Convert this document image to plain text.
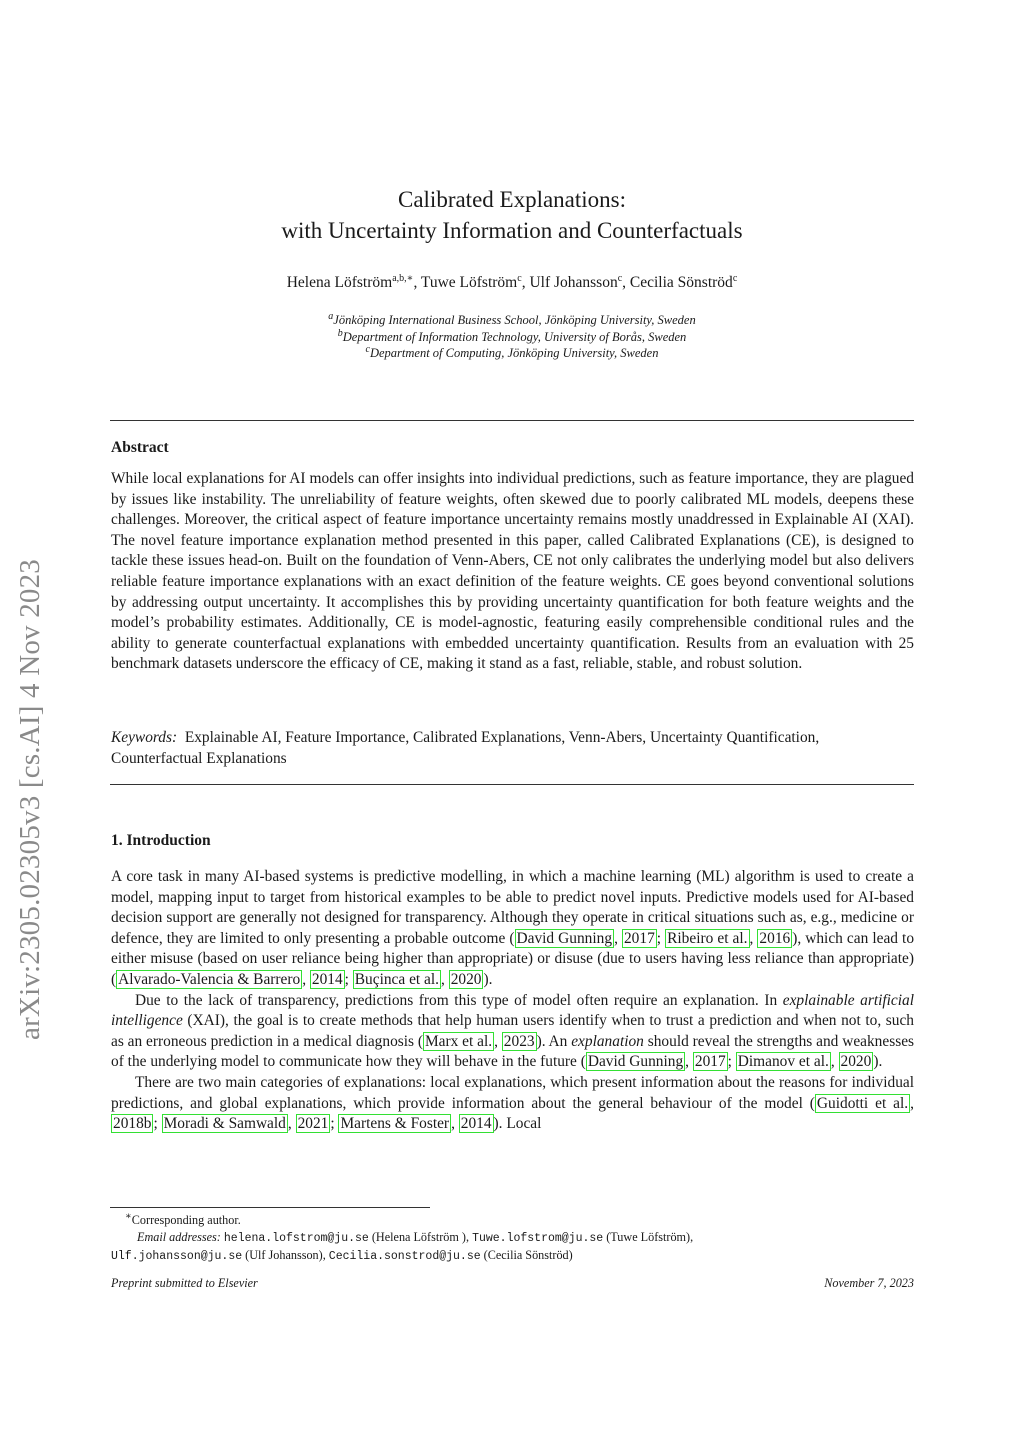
arXiv:2305.02305v3 [cs.AI] 4 Nov 2023
Calibrated Explanations:
with Uncertainty Information and Counterfactuals
Helena Löfström$^{a,b,∗}$, Tuwe Löfström$^c$, Ulf Johansson$^c$, Cecilia Sönströd$^c$
$^a$Jönköping International Business School, Jönköping University, Sweden
$^b$Department of Information Technology, University of Borås, Sweden
$^c$Department of Computing, Jönköping University, Sweden
Abstract
While local explanations for AI models can offer insights into individual predictions, such as feature importance, they are plagued by issues like instability. The unreliability of feature weights, often skewed due to poorly calibrated ML models, deepens these challenges. Moreover, the critical aspect of feature importance uncertainty remains mostly unaddressed in Explainable AI (XAI). The novel feature importance explanation method presented in this paper, called Calibrated Explanations (CE), is designed to tackle these issues head-on. Built on the foundation of Venn-Abers, CE not only calibrates the underlying model but also delivers reliable feature importance explanations with an exact definition of the feature weights. CE goes beyond conventional solutions by addressing output uncertainty. It accomplishes this by providing uncertainty quantification for both feature weights and the model’s probability estimates. Additionally, CE is model-agnostic, featuring easily comprehensible conditional rules and the ability to generate counterfactual explanations with embedded uncertainty quantification. Results from an evaluation with 25 benchmark datasets underscore the efficacy of CE, making it stand as a fast, reliable, stable, and robust solution.
Keywords: Explainable AI, Feature Importance, Calibrated Explanations, Venn-Abers, Uncertainty Quantification, Counterfactual Explanations
1. Introduction

A core task in many AI-based systems is predictive modelling, in which a machine learning (ML) algorithm is used to create a model, mapping input to target from historical examples to be able to predict novel inputs. Predictive models used for AI-based decision support are generally not designed for transparency. Although they operate in critical situations such as, e.g., medicine or defence, they are limited to only presenting a probable outcome ( David Gunning , 2017 ; Ribeiro et al. , 2016 ), which can lead to either misuse (based on user reliance being higher than appropriate) or disuse (due to users having less reliance than appropriate) ( Alvarado-Valencia & Barrero , 2014 ; Buçinca et al. , 2020 ).

Due to the lack of transparency, predictions from this type of model often require an explanation. In explainable artificial intelligence (XAI), the goal is to create methods that help human users identify when to trust a prediction and when not to, such as an erroneous prediction in a medical diagnosis ( Marx et al. , 2023 ). An explanation should reveal the strengths and weaknesses of the underlying model to communicate how they will behave in the future ( David Gunning , 2017 ; Dimanov et al. , 2020 ).

There are two main categories of explanations: local explanations, which present information about the reasons for individual predictions, and global explanations, which provide information about the general behaviour of the model ( Guidotti et al. , 2018b ; Moradi & Samwald , 2021 ; Martens & Foster , 2014 ). Local

∗Corresponding author.
Email addresses: helena.lofstrom@ju.se (Helena Löfström ), Tuwe.lofstrom@ju.se (Tuwe Löfström),
Ulf.johansson@ju.se (Ulf Johansson), Cecilia.sonstrod@ju.se (Cecilia Sönströd)
Preprint submitted to Elsevier	November 7, 2023
